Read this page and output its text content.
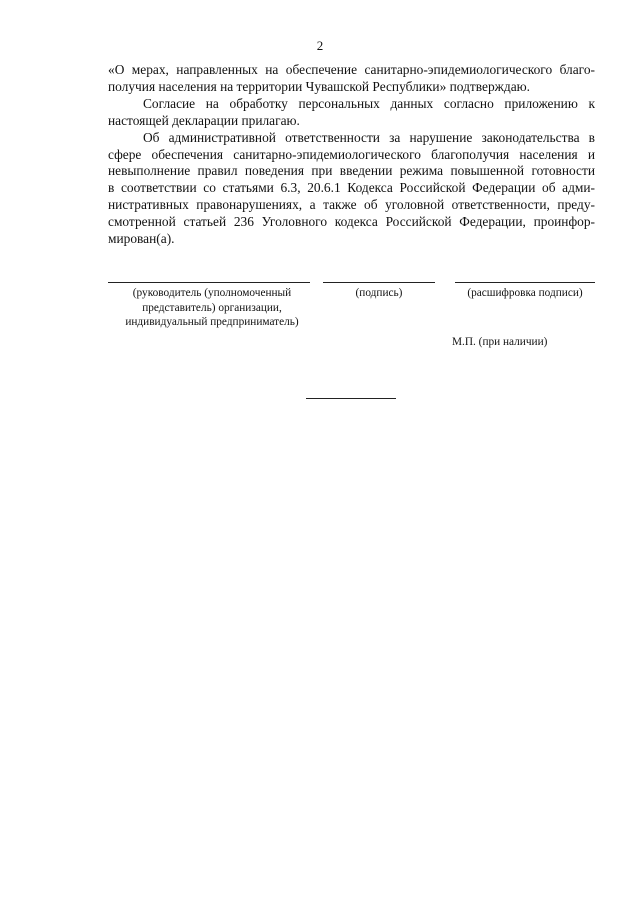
2

«О мерах, направленных на обеспечение санитарно-эпидемиологического благо-
получия населения на территории Чувашской Республики» подтверждаю.

Согласие на обработку персональных данных согласно приложению к
настоящей декларации прилагаю.

Об административной ответственности за нарушение законодательства в
сфере обеспечения санитарно-эпидемиологического благополучия населения и
невыполнение правил поведения при введении режима повышенной готовности
в соответствии со статьями 6.3, 20.6.1 Кодекса Российской Федерации об адми-
нистративных правонарушениях, а также об уголовной ответственности, преду-
смотренной статьей 236 Уголовного кодекса Российской Федерации, проинфор-
мирован(а).

(руководитель (уполномоченный
представитель) организации,
индивидуальный предприниматель)
(подпись)	(расшифровка подписи)
М.П. (при наличии)
